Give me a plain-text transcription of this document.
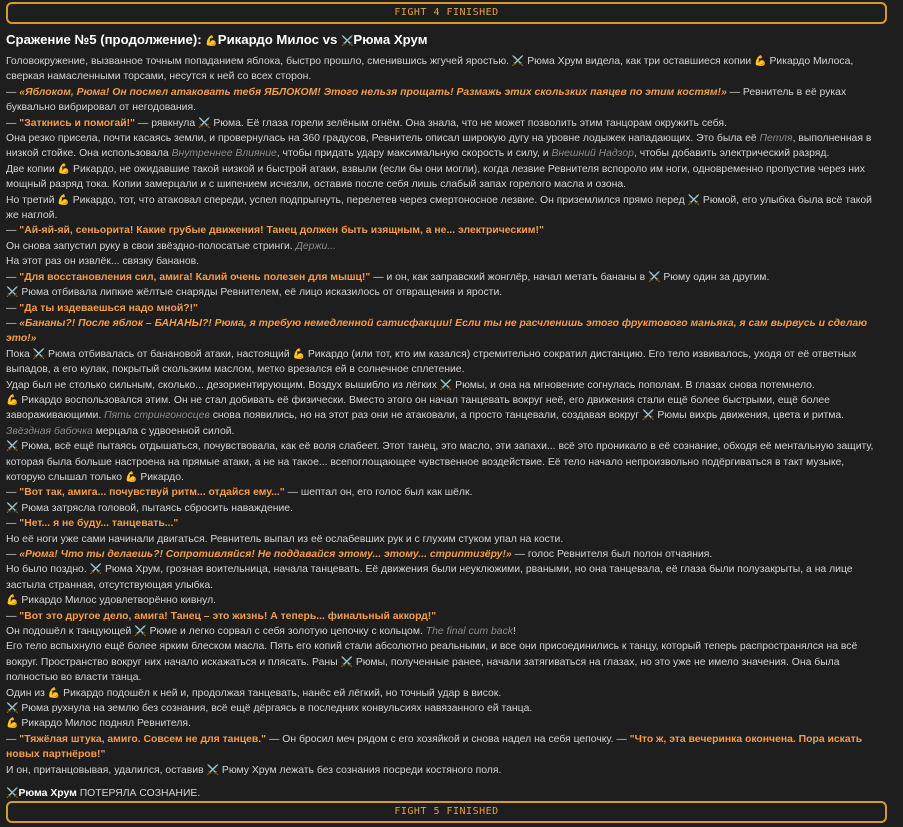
FIGHT 4 FINISHED
Сражение №5 (продолжение): 💪Рикардо Милос vs ⚔️Рюма Хрум
Головокружение, вызванное точным попаданием яблока, быстро прошло, сменившись жгучей яростью. ⚔️ Рюма Хрум видела, как три оставшиеся копии 💪 Рикардо Милоса, сверкая намасленными торсами, несутся к ней со всех сторон.
— «Яблоком, Рюма! Он посмел атаковать тебя ЯБЛОКОМ! Этого нельзя прощать! Размажь этих скользких паяцев по этим костям!» — Ревнитель в её руках буквально вибрировал от негодования.
— "Заткнись и помогай!" — рявкнула ⚔️ Рюма. Её глаза горели зелёным огнём. Она знала, что не может позволить этим танцорам окружить себя.
Она резко присела, почти касаясь земли, и провернулась на 360 градусов, Ревнитель описал широкую дугу на уровне лодыжек нападающих. Это была её Петля, выполненная в низкой стойке. Она использовала Внутреннее Влияние, чтобы придать удару максимальную скорость и силу, и Внешний Надзор, чтобы добавить электрический разряд.
Две копии 💪 Рикардо, не ожидавшие такой низкой и быстрой атаки, взвыли (если бы они могли), когда лезвие Ревнителя вспороло им ноги, одновременно пропустив через них мощный разряд тока. Копии замерцали и с шипением исчезли, оставив после себя лишь слабый запах горелого масла и озона.
Но третий 💪 Рикардо, тот, что атаковал спереди, успел подпрыгнуть, перелетев через смертоносное лезвие. Он приземлился прямо перед ⚔️ Рюмой, его улыбка была всё такой же наглой.
— "Ай-яй-яй, сеньорита! Какие грубые движения! Танец должен быть изящным, а не... электрическим!"
Он снова запустил руку в свои звёздно-полосатые стринги. Держи...
На этот раз он извлёк... связку бананов.
— "Для восстановления сил, амига! Калий очень полезен для мышц!" — и он, как заправский жонглёр, начал метать бананы в ⚔️ Рюму один за другим.
⚔️ Рюма отбивала липкие жёлтые снаряды Ревнителем, её лицо исказилось от отвращения и ярости.
— "Да ты издеваешься надо мной?!"
— «Бананы?! После яблок – БАНАНЫ?! Рюма, я требую немедленной сатисфакции! Если ты не расчленишь этого фруктового маньяка, я сам вырвусь и сделаю это!»
Пока ⚔️ Рюма отбивалась от банановой атаки, настоящий 💪 Рикардо (или тот, кто им казался) стремительно сократил дистанцию. Его тело извивалось, уходя от её ответных выпадов, а его кулак, покрытый скользким маслом, метко врезался ей в солнечное сплетение.
Удар был не столько сильным, сколько... дезориентирующим. Воздух вышибло из лёгких ⚔️ Рюмы, и она на мгновение согнулась пополам. В глазах снова потемнело.
💪 Рикардо воспользовался этим. Он не стал добивать её физически. Вместо этого он начал танцевать вокруг неё, его движения стали ещё более быстрыми, ещё более завораживающими. Пять стрингоносцев снова появились, но на этот раз они не атаковали, а просто танцевали, создавая вокруг ⚔️ Рюмы вихрь движения, цвета и ритма. Звёздная бабочка мерцала с удвоенной силой.
⚔️ Рюма, всё ещё пытаясь отдышаться, почувствовала, как её воля слабеет. Этот танец, это масло, эти запахи... всё это проникало в её сознание, обходя её ментальную защиту, которая была больше настроена на прямые атаки, а не на такое... всепоглощающее чувственное воздействие. Её тело начало непроизвольно подёргиваться в такт музыке, которую слышал только 💪 Рикардо.
— "Вот так, амига... почувствуй ритм... отдайся ему..." — шептал он, его голос был как шёлк.
⚔️ Рюма затрясла головой, пытаясь сбросить наваждение.
— "Нет... я не буду... танцевать..."
Но её ноги уже сами начинали двигаться. Ревнитель выпал из её ослабевших рук и с глухим стуком упал на кости.
— «Рюма! Что ты делаешь?! Сопротивляйся! Не поддавайся этому... этому... стриптизёру!» — голос Ревнителя был полон отчаяния.
Но было поздно. ⚔️ Рюма Хрум, грозная воительница, начала танцевать. Её движения были неуклюжими, рваными, но она танцевала, её глаза были полузакрыты, а на лице застыла странная, отсутствующая улыбка.
💪 Рикардо Милос удовлетворённо кивнул.
— "Вот это другое дело, амига! Танец – это жизнь! А теперь... финальный аккорд!"
Он подошёл к танцующей ⚔️ Рюме и легко сорвал с себя золотую цепочку с кольцом. The final cum back!
Его тело вспыхнуло ещё более ярким блеском масла. Пять его копий стали абсолютно реальными, и все они присоединились к танцу, который теперь распространялся на всё вокруг. Пространство вокруг них начало искажаться и плясать. Раны ⚔️ Рюмы, полученные ранее, начали затягиваться на глазах, но это уже не имело значения. Она была полностью во власти танца.
Один из 💪 Рикардо подошёл к ней и, продолжая танцевать, нанёс ей лёгкий, но точный удар в висок.
⚔️ Рюма рухнула на землю без сознания, всё ещё дёргаясь в последних конвульсиях навязанного ей танца.
💪 Рикардо Милос поднял Ревнителя.
— "Тяжёлая штука, амиго. Совсем не для танцев." — Он бросил меч рядом с его хозяйкой и снова надел на себя цепочку. — "Что ж, эта вечеринка окончена. Пора искать новых партнёров!"
И он, пританцовывая, удалился, оставив ⚔️ Рюму Хрум лежать без сознания посреди костяного поля.
⚔️Рюма Хрум ПОТЕРЯЛА СОЗНАНИЕ.
FIGHT 5 FINISHED
